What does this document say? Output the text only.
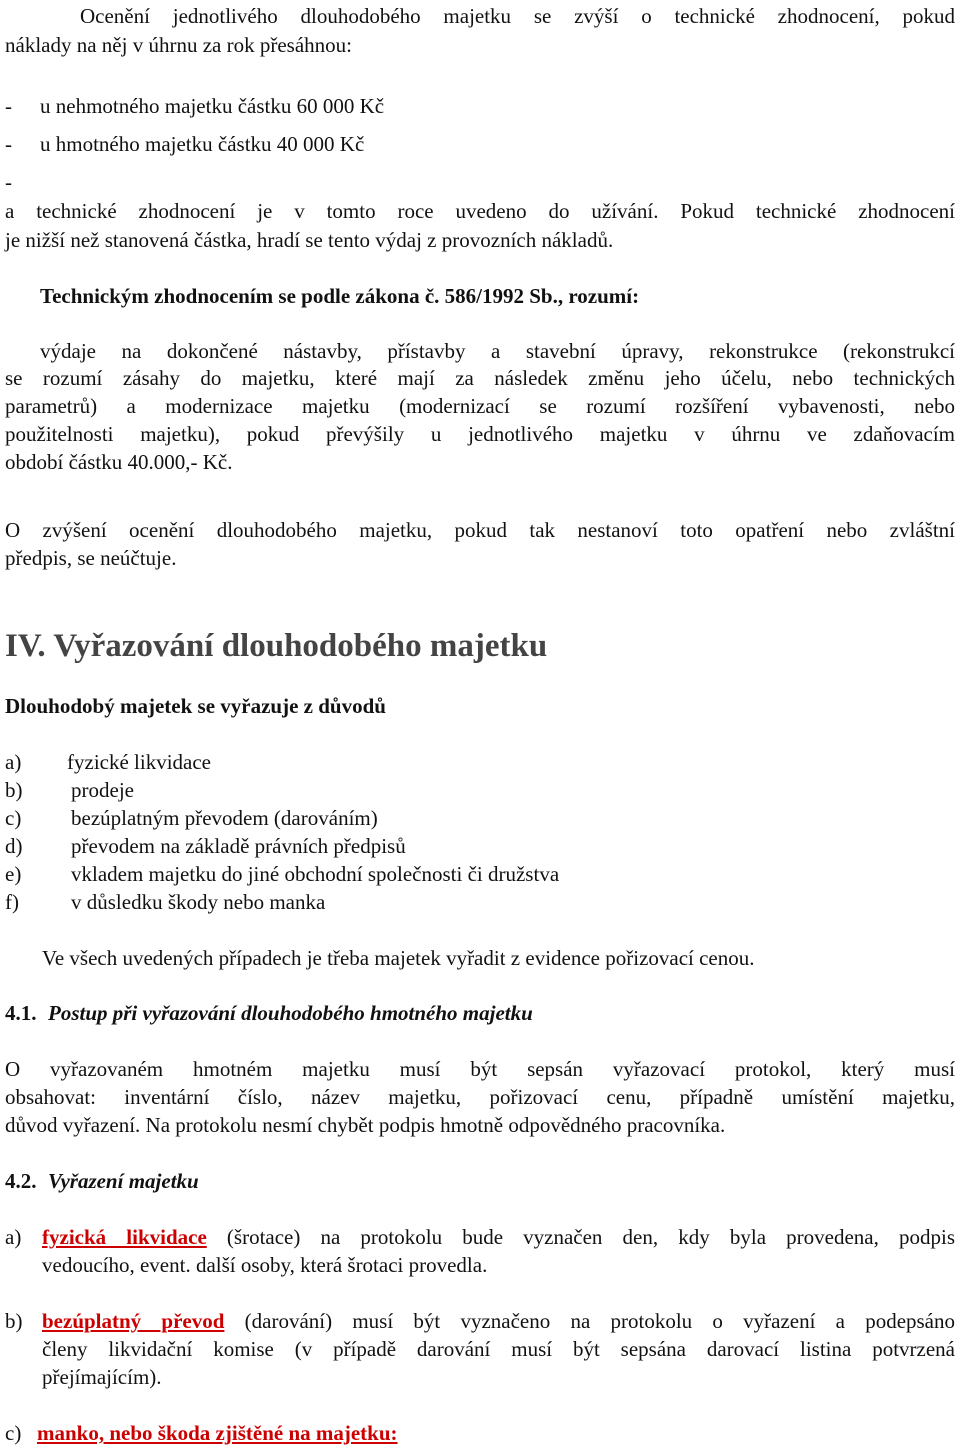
Ocenění jednotlivého dlouhodobého majetku se zvýší o technické zhodnocení, pokud
náklady na něj v úhrnu za rok přesáhnou:
- u nehmotného majetku částku 60 000 Kč
- u hmotného majetku částku 40 000 Kč
-
a technické zhodnocení je v tomto roce uvedeno do užívání. Pokud technické zhodnocení
je nižší než stanovená částka, hradí se tento výdaj z provozních nákladů.
Technickým zhodnocením se podle zákona č. 586/1992 Sb., rozumí:
výdaje na dokončené nástavby, přístavby a stavební úpravy, rekonstrukce (rekonstrukcí
se rozumí zásahy do majetku, které mají za následek změnu jeho účelu, nebo technických
parametrů) a modernizace majetku (modernizací se rozumí rozšíření vybavenosti, nebo
použitelnosti majetku), pokud převýšily u jednotlivého majetku v úhrnu ve zdaňovacím
období částku 40.000,- Kč.
O zvýšení ocenění dlouhodobého majetku, pokud tak nestanoví toto opatření nebo zvláštní
předpis, se neúčtuje.
IV. Vyřazování dlouhodobého majetku
Dlouhodobý majetek se vyřazuje z důvodů
a) fyzické likvidace
b) prodeje
c) bezúplatným převodem (darováním)
d) převodem na základě právních předpisů
e) vkladem majetku do jiné obchodní společnosti či družstva
f) v důsledku škody nebo manka
Ve všech uvedených případech je třeba majetek vyřadit z evidence pořizovací cenou.
4.1. Postup při vyřazování dlouhodobého hmotného majetku
O vyřazovaném hmotném majetku musí být sepsán vyřazovací protokol, který musí
obsahovat: inventární číslo, název majetku, pořizovací cenu, případně umístění majetku,
důvod vyřazení. Na protokolu nesmí chybět podpis hmotně odpovědného pracovníka.
4.2. Vyřazení majetku
a) fyzická likvidace (šrotace) na protokolu bude vyznačen den, kdy byla provedena, podpis
vedoucího, event. další osoby, která šrotaci provedla.
b) bezúplatný převod (darování) musí být vyznačeno na protokolu o vyřazení a podepsáno
členy likvidační komise (v případě darování musí být sepsána darovací listina potvrzená
přejímajícím).
c) manko, nebo škoda zjištěné na majetku:
